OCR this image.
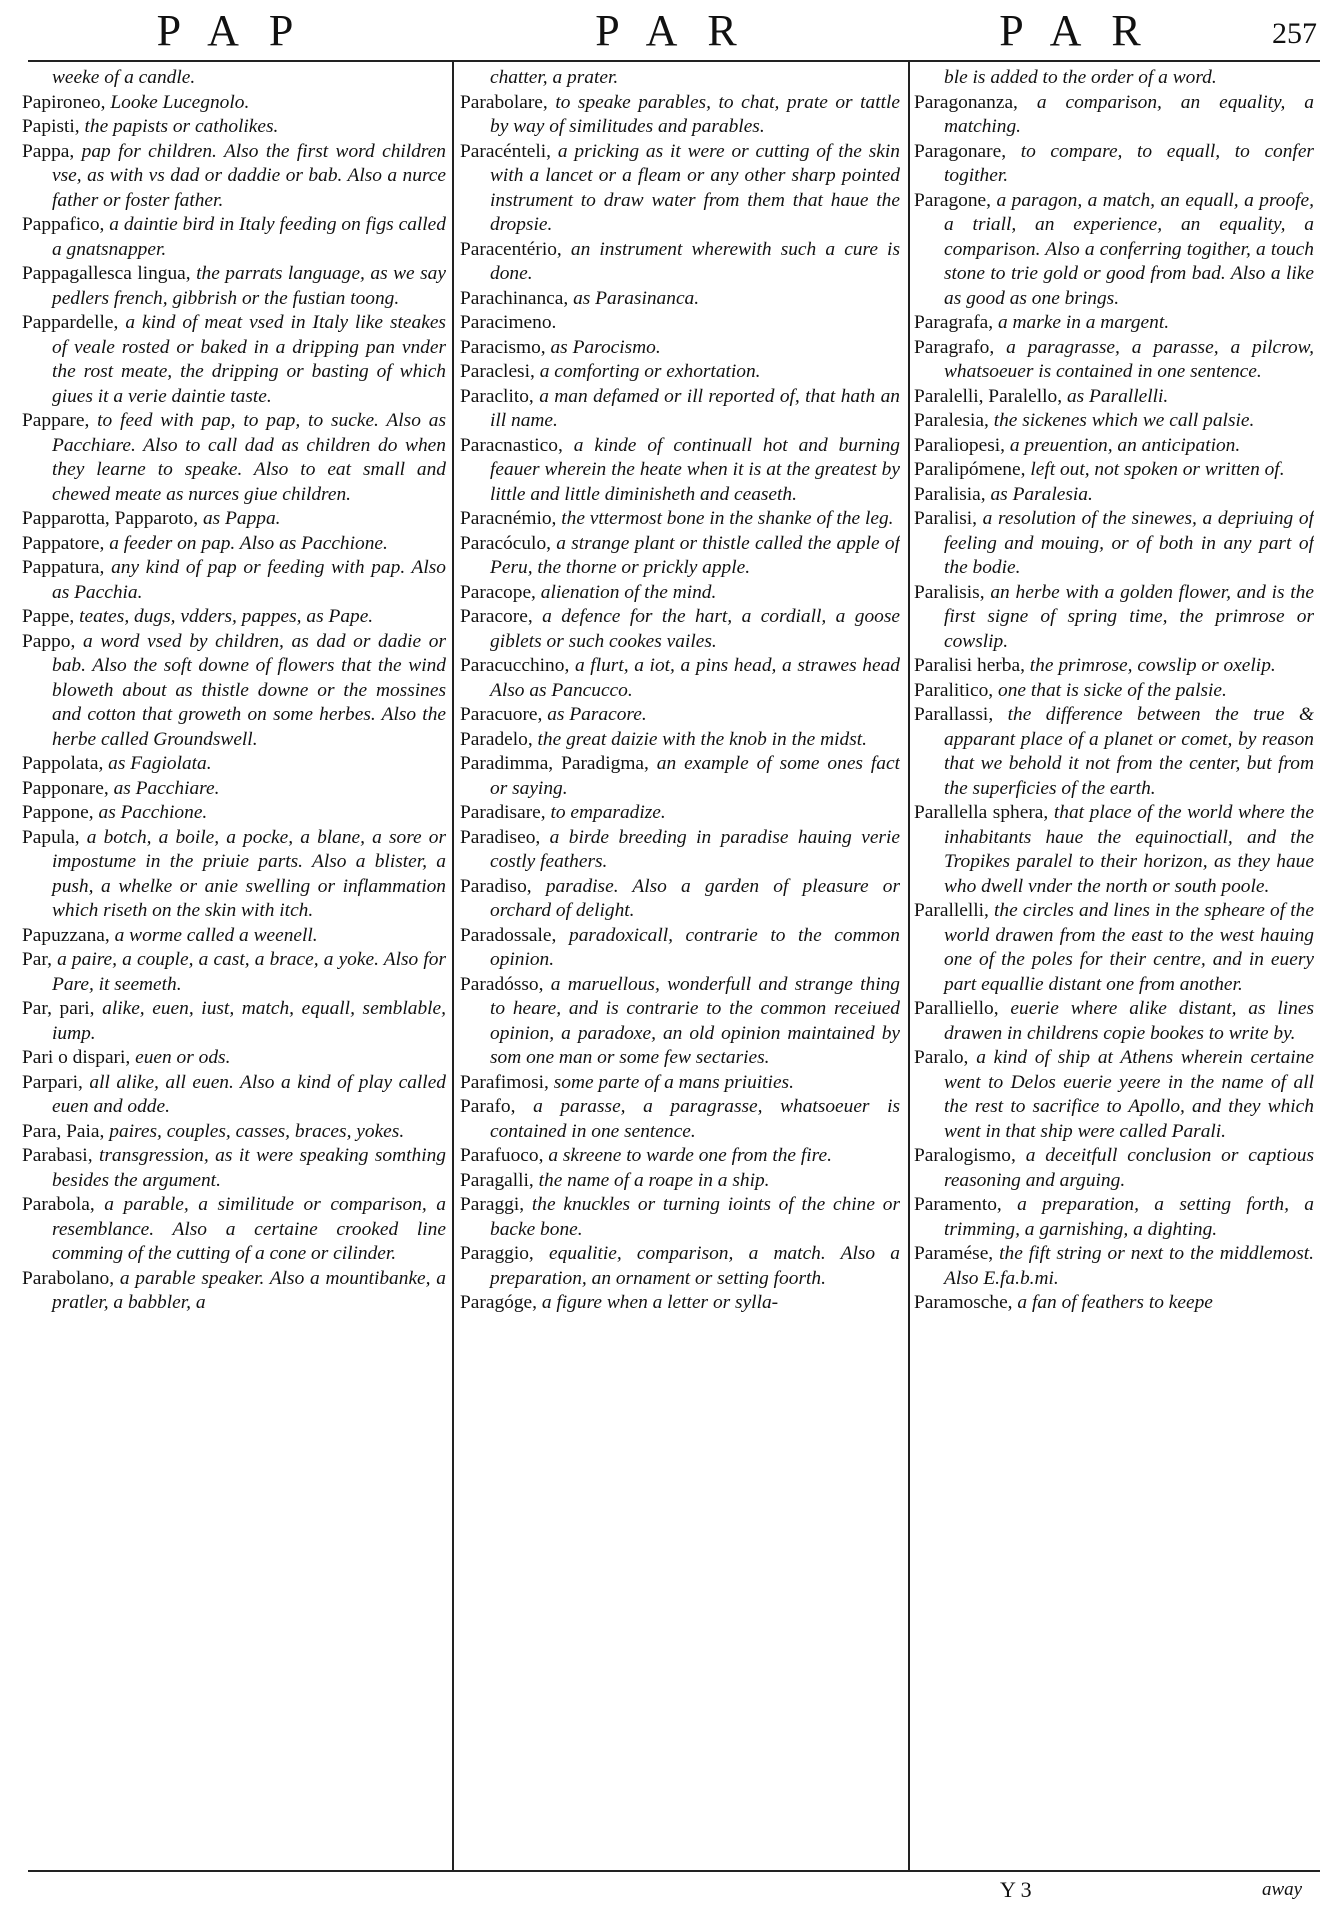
PAP	PAR	PAR	257

weeke of a candle.

Papironeo, Looke Lucegnolo.

Papisti, the papists or catholikes.

Pappa, pap for children. Also the first word children vse, as with vs dad or daddie or bab. Also a nurce father or foster father.

Pappafico, a daintie bird in Italy feeding on figs called a gnatsnapper.

Pappagallesca lingua, the parrats language, as we say pedlers french, gibbrish or the fustian toong.

Pappardelle, a kind of meat vsed in Italy like steakes of veale rosted or baked in a dripping pan vnder the rost meate, the dripping or basting of which giues it a verie daintie taste.

Pappare, to feed with pap, to pap, to sucke. Also as Pacchiare. Also to call dad as children do when they learne to speake. Also to eat small and chewed meate as nurces giue children.

Papparotta, Papparoto, as Pappa.

Pappatore, a feeder on pap. Also as Pacchione.

Pappatura, any kind of pap or feeding with pap. Also as Pacchia.

Pappe, teates, dugs, vdders, pappes, as Pape.

Pappo, a word vsed by children, as dad or dadie or bab. Also the soft downe of flowers that the wind bloweth about as thistle downe or the mossines and cotton that groweth on some herbes. Also the herbe called Groundswell.

Pappolata, as Fagiolata.

Papponare, as Pacchiare.

Pappone, as Pacchione.

Papula, a botch, a boile, a pocke, a blane, a sore or impostume in the priuie parts. Also a blister, a push, a whelke or anie swelling or inflammation which riseth on the skin with itch.

Papuzzana, a worme called a weenell.

Par, a paire, a couple, a cast, a brace, a yoke. Also for Pare, it seemeth.

Par, pari, alike, euen, iust, match, equall, semblable, iump.

Pari o dispari, euen or ods.

Parpari, all alike, all euen. Also a kind of play called euen and odde.

Para, Paia, paires, couples, casses, braces, yokes.

Parabasi, transgression, as it were speaking somthing besides the argument.

Parabola, a parable, a similitude or comparison, a resemblance. Also a certaine crooked line comming of the cutting of a cone or cilinder.

Parabolano, a parable speaker. Also a mountibanke, a pratler, a babbler, a

chatter, a prater.

Parabolare, to speake parables, to chat, prate or tattle by way of similitudes and parables.

Paracénteli, a pricking as it were or cutting of the skin with a lancet or a fleam or any other sharp pointed instrument to draw water from them that haue the dropsie.

Paracentério, an instrument wherewith such a cure is done.

Parachinanca, as Parasinanca.

Paracimeno.

Paracismo, as Parocismo.

Paraclesi, a comforting or exhortation.

Paraclito, a man defamed or ill reported of, that hath an ill name.

Paracnastico, a kinde of continuall hot and burning feauer wherein the heate when it is at the greatest by little and little diminisheth and ceaseth.

Paracnémio, the vttermost bone in the shanke of the leg.

Paracóculo, a strange plant or thistle called the apple of Peru, the thorne or prickly apple.

Paracope, alienation of the mind.

Paracore, a defence for the hart, a cordiall, a goose giblets or such cookes vailes.

Paracucchino, a flurt, a iot, a pins head, a strawes head Also as Pancucco.

Paracuore, as Paracore.

Paradelo, the great daizie with the knob in the midst.

Paradimma, Paradigma, an example of some ones fact or saying.

Paradisare, to emparadize.

Paradiseo, a birde breeding in paradise hauing verie costly feathers.

Paradiso, paradise. Also a garden of pleasure or orchard of delight.

Paradossale, paradoxicall, contrarie to the common opinion.

Paradósso, a maruellous, wonderfull and strange thing to heare, and is contrarie to the common receiued opinion, a paradoxe, an old opinion maintained by som one man or some few sectaries.

Parafimosi, some parte of a mans priuities.

Parafo, a parasse, a paragrasse, whatsoeuer is contained in one sentence.

Parafuoco, a skreene to warde one from the fire.

Paragalli, the name of a roape in a ship.

Paraggi, the knuckles or turning ioints of the chine or backe bone.

Paraggio, equalitie, comparison, a match. Also a preparation, an ornament or setting foorth.

Paragóge, a figure when a letter or sylla-

ble is added to the order of a word.

Paragonanza, a comparison, an equality, a matching.

Paragonare, to compare, to equall, to confer togither.

Paragone, a paragon, a match, an equall, a proofe, a triall, an experience, an equality, a comparison. Also a conferring togither, a touch stone to trie gold or good from bad. Also a like as good as one brings.

Paragrafa, a marke in a margent.

Paragrafo, a paragrasse, a parasse, a pilcrow, whatsoeuer is contained in one sentence.

Paralelli, Paralello, as Parallelli.

Paralesia, the sickenes which we call palsie.

Paraliopesi, a preuention, an anticipation.

Paralipómene, left out, not spoken or written of.

Paralisia, as Paralesia.

Paralisi, a resolution of the sinewes, a depriuing of feeling and mouing, or of both in any part of the bodie.

Paralisis, an herbe with a golden flower, and is the first signe of spring time, the primrose or cowslip.

Paralisi herba, the primrose, cowslip or oxelip.

Paralitico, one that is sicke of the palsie.

Parallassi, the difference between the true & apparant place of a planet or comet, by reason that we behold it not from the center, but from the superficies of the earth.

Parallella sphera, that place of the world where the inhabitants haue the equinoctiall, and the Tropikes paralel to their horizon, as they haue who dwell vnder the north or south poole.

Parallelli, the circles and lines in the spheare of the world drawen from the east to the west hauing one of the poles for their centre, and in euery part equallie distant one from another.

Paralliello, euerie where alike distant, as lines drawen in childrens copie bookes to write by.

Paralo, a kind of ship at Athens wherein certaine went to Delos euerie yeere in the name of all the rest to sacrifice to Apollo, and they which went in that ship were called Parali.

Paralogismo, a deceitfull conclusion or captious reasoning and arguing.

Paramento, a preparation, a setting forth, a trimming, a garnishing, a dighting.

Paramése, the fift string or next to the middlemost. Also E.fa.b.mi.

Paramosche, a fan of feathers to keepe

Y 3	away
